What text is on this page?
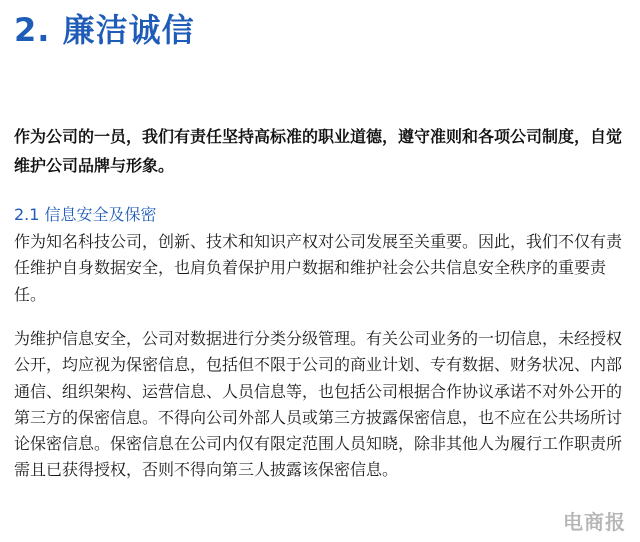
2. 廉洁诚信

作为公司的一员，我们有责任坚持高标准的职业道德，遵守准则和各项公司制度，自觉维护公司品牌与形象。

2.1 信息安全及保密

作为知名科技公司，创新、技术和知识产权对公司发展至关重要。因此，我们不仅有责任维护自身数据安全，也肩负着保护用户数据和维护社会公共信息安全秩序的重要责任。

为维护信息安全，公司对数据进行分类分级管理。有关公司业务的一切信息，未经授权公开，均应视为保密信息，包括但不限于公司的商业计划、专有数据、财务状况、内部通信、组织架构、运营信息、人员信息等，也包括公司根据合作协议承诺不对外公开的第三方的保密信息。不得向公司外部人员或第三方披露保密信息，也不应在公共场所讨论保密信息。保密信息在公司内仅有限定范围人员知晓，除非其他人为履行工作职责所需且已获得授权，否则不得向第三人披露该保密信息。

电商报
